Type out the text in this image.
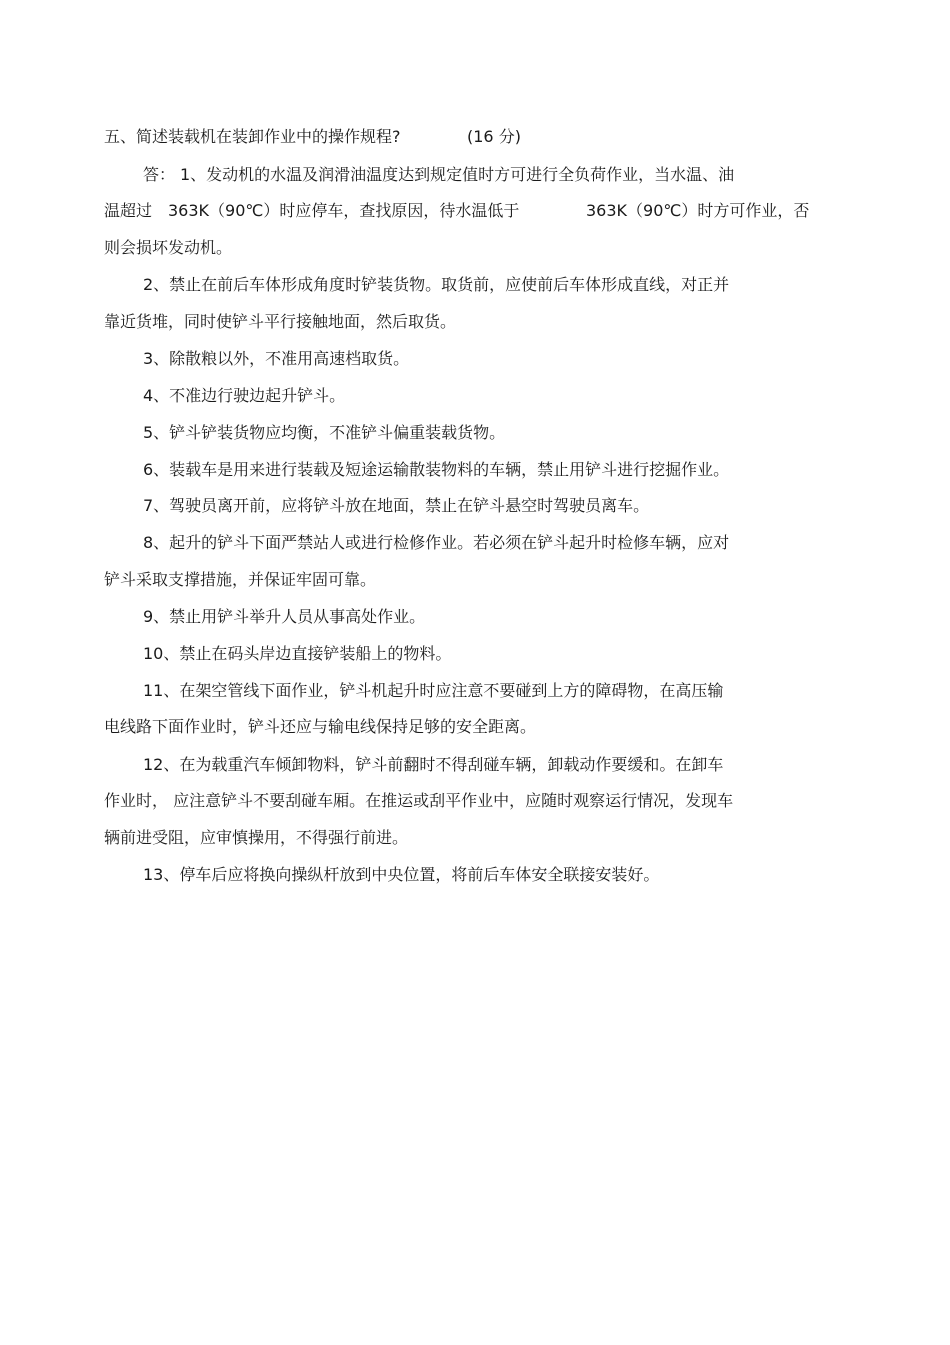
五、简述装载机在装卸作业中的操作规程?	(16 分)
答： 1、发动机的水温及润滑油温度达到规定值时方可进行全负荷作业，当水温、油
温超过 363K（90℃）时应停车，查找原因，待水温低于	363K（90℃）时方可作业，否
则会损坏发动机。
2、禁止在前后车体形成角度时铲装货物。取货前，应使前后车体形成直线，对正并
靠近货堆，同时使铲斗平行接触地面，然后取货。
3、除散粮以外，不准用高速档取货。
4、不准边行驶边起升铲斗。
5、铲斗铲装货物应均衡，不准铲斗偏重装载货物。
6、装载车是用来进行装载及短途运输散装物料的车辆，禁止用铲斗进行挖掘作业。
7、驾驶员离开前，应将铲斗放在地面，禁止在铲斗悬空时驾驶员离车。
8、起升的铲斗下面严禁站人或进行检修作业。若必须在铲斗起升时检修车辆，应对
铲斗采取支撑措施，并保证牢固可靠。
9、禁止用铲斗举升人员从事高处作业。
10、禁止在码头岸边直接铲装船上的物料。
11、在架空管线下面作业，铲斗机起升时应注意不要碰到上方的障碍物，在高压输
电线路下面作业时，铲斗还应与输电线保持足够的安全距离。
12、在为载重汽车倾卸物料，铲斗前翻时不得刮碰车辆，卸载动作要缓和。在卸车
作业时， 应注意铲斗不要刮碰车厢。在推运或刮平作业中，应随时观察运行情况，发现车
辆前进受阻，应审慎操用，不得强行前进。
13、停车后应将换向操纵杆放到中央位置，将前后车体安全联接安装好。
